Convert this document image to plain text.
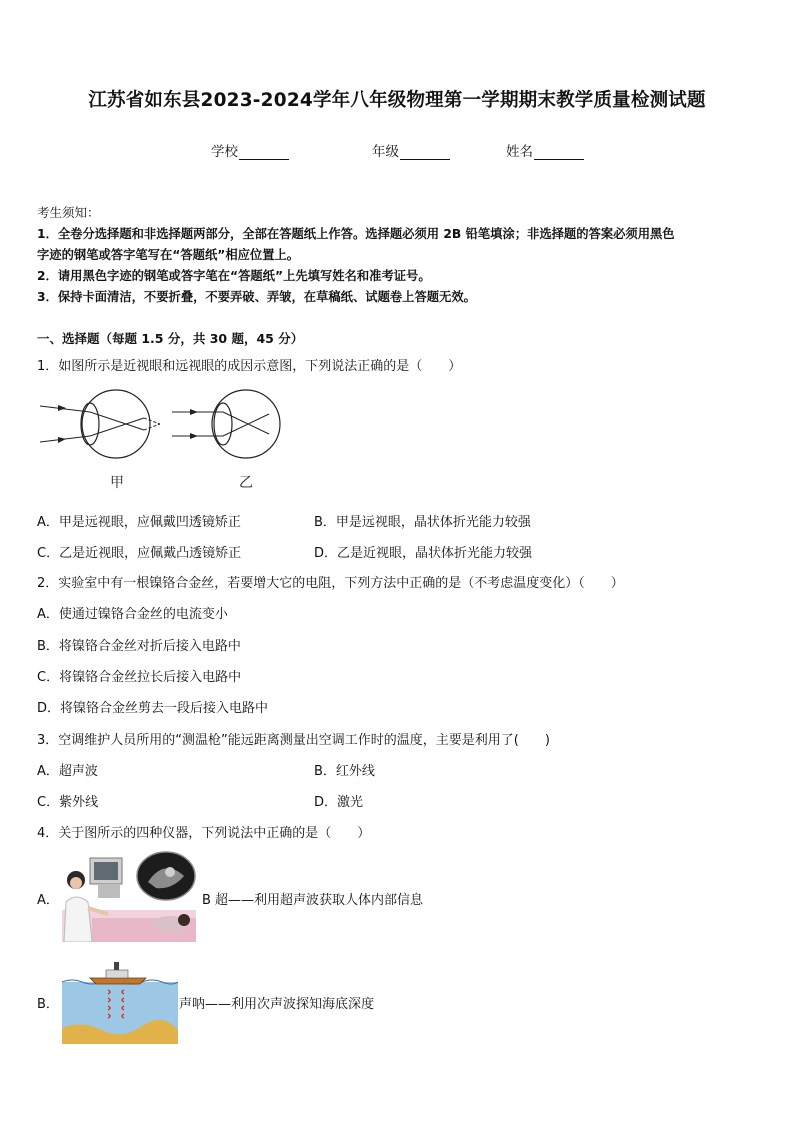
江苏省如东县2023-2024学年八年级物理第一学期期末教学质量检测试题
学校	年级	姓名
考生须知：
1．全卷分选择题和非选择题两部分，全部在答题纸上作答。选择题必须用 2B 铅笔填涂；非选择题的答案必须用黑色
字迹的钢笔或答字笔写在“答题纸”相应位置上。
2．请用黑色字迹的钢笔或答字笔在“答题纸”上先填写姓名和准考证号。
3．保持卡面清洁，不要折叠，不要弄破、弄皱，在草稿纸、试题卷上答题无效。
一、选择题（每题 1.5 分，共 30 题，45 分）
1．如图所示是近视眼和远视眼的成因示意图，下列说法正确的是（　　）
甲	乙
A．甲是远视眼，应佩戴凹透镜矫正	B．甲是远视眼，晶状体折光能力较强
C．乙是近视眼，应佩戴凸透镜矫正	D．乙是近视眼，晶状体折光能力较强
2．实验室中有一根镍铬合金丝，若要增大它的电阻，下列方法中正确的是（不考虑温度变化）（　　）
A．使通过镍铬合金丝的电流变小
B．将镍铬合金丝对折后接入电路中
C．将镍铬合金丝拉长后接入电路中
D．将镍铬合金丝剪去一段后接入电路中
3．空调维护人员所用的“测温枪”能远距离测量出空调工作时的温度，主要是利用了(　　)
A．超声波	B．红外线
C．紫外线	D．激光
4．关于图所示的四种仪器，下列说法中正确的是（　　）
A．	B 超——利用超声波获取人体内部信息
B．	声呐——利用次声波探知海底深度
